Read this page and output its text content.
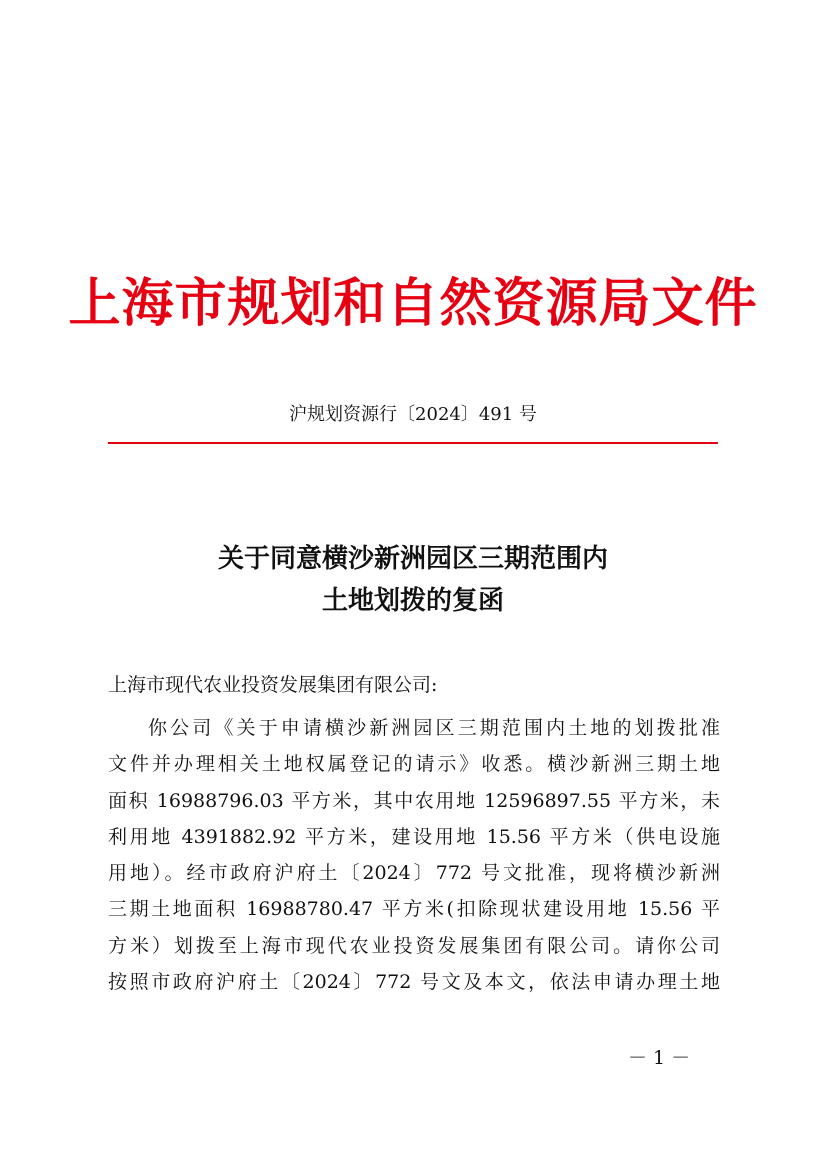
上海市规划和自然资源局文件
沪规划资源行〔2024〕491 号
关于同意横沙新洲园区三期范围内
土地划拨的复函
上海市现代农业投资发展集团有限公司:
你公司《关于申请横沙新洲园区三期范围内土地的划拨批准
文件并办理相关土地权属登记的请示》收悉。横沙新洲三期土地
面积 16988796.03 平方米，其中农用地 12596897.55 平方米，未
利用地 4391882.92 平方米，建设用地 15.56 平方米（供电设施
用地）。经市政府沪府土〔2024〕772 号文批准，现将横沙新洲
三期土地面积 16988780.47 平方米(扣除现状建设用地 15.56 平
方米）划拨至上海市现代农业投资发展集团有限公司。请你公司
按照市政府沪府土〔2024〕772 号文及本文，依法申请办理土地
－ 1 －
